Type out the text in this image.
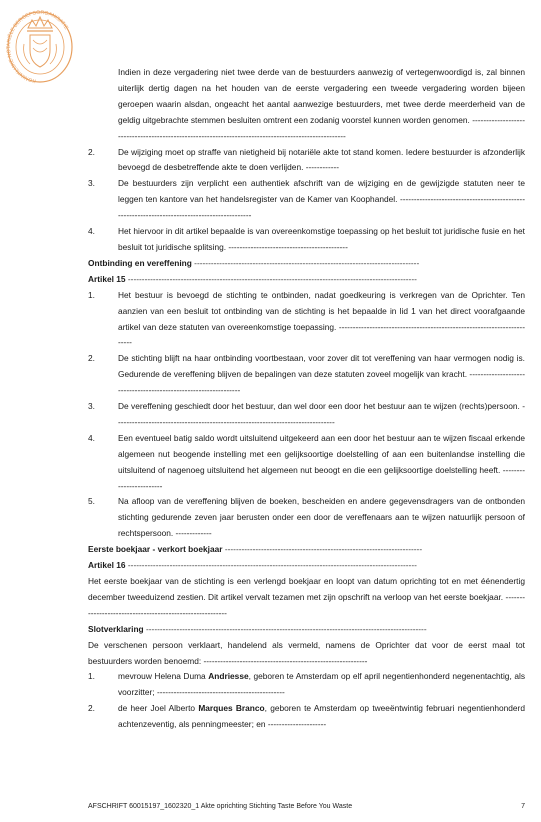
KONINKLIJKE NOTARIËLE BEROEPSORGANISATIE

Indien in deze vergadering niet twee derde van de bestuurders aanwezig of vertegenwoordigd is, zal binnen uiterlijk dertig dagen na het houden van de eerste vergadering een tweede vergadering worden bijeen geroepen waarin alsdan, ongeacht het aantal aanwezige bestuurders, met twee derde meerderheid van de geldig uitgebrachte stemmen besluiten omtrent een zodanig voorstel kunnen worden genomen. -----------------------------------------------------------------------------------------------------

2.	De wijziging moet op straffe van nietigheid bij notariële akte tot stand komen. Iedere bestuurder is afzonderlijk bevoegd de desbetreffende akte te doen verlijden. ------------
3.	De bestuurders zijn verplicht een authentiek afschrift van de wijziging en de gewijzigde statuten neer te leggen ten kantore van het handelsregister van de Kamer van Koophandel. ---------------------------------------------------------------------------------------------
4.	Het hiervoor in dit artikel bepaalde is van overeenkomstige toepassing op het besluit tot juridische fusie en het besluit tot juridische splitsing. -------------------------------------------

Ontbinding en vereffening ---------------------------------------------------------------------------------

Artikel 15 --------------------------------------------------------------------------------------------------------

1.	Het bestuur is bevoegd de stichting te ontbinden, nadat goedkeuring is verkregen van de Oprichter. Ten aanzien van een besluit tot ontbinding van de stichting is het bepaalde in lid 1 van het direct voorafgaande artikel van deze statuten van overeenkomstige toepassing. ------------------------------------------------------------------------
2.	De stichting blijft na haar ontbinding voortbestaan, voor zover dit tot vereffening van haar vermogen nodig is. Gedurende de vereffening blijven de bepalingen van deze statuten zoveel mogelijk van kracht. ----------------------------------------------------------------
3.	De vereffening geschiedt door het bestuur, dan wel door een door het bestuur aan te wijzen (rechts)persoon. -------------------------------------------------------------------------------
4.	Een eventueel batig saldo wordt uitsluitend uitgekeerd aan een door het bestuur aan te wijzen fiscaal erkende algemeen nut beogende instelling met een gelijksoortige doelstelling of aan een buitenlandse instelling die uitsluitend of nagenoeg uitsluitend het algemeen nut beoogt en die een gelijksoortige doelstelling heeft. ------------------------
5.	Na afloop van de vereffening blijven de boeken, bescheiden en andere gegevensdragers van de ontbonden stichting gedurende zeven jaar berusten onder een door de vereffenaars aan te wijzen natuurlijk persoon of rechtspersoon. -------------

Eerste boekjaar - verkort boekjaar -----------------------------------------------------------------------

Artikel 16 --------------------------------------------------------------------------------------------------------

Het eerste boekjaar van de stichting is een verlengd boekjaar en loopt van datum oprichting tot en met éénendertig december tweeduizend zestien. Dit artikel vervalt tezamen met zijn opschrift na verloop van het eerste boekjaar. ---------------------------------------------------------

Slotverklaring -----------------------------------------------------------------------------------------------------

De verschenen persoon verklaart, handelend als vermeld, namens de Oprichter dat voor de eerst maal tot bestuurders worden benoemd: -----------------------------------------------------------

1.	mevrouw Helena Duma Andriesse, geboren te Amsterdam op elf april negentienhonderd negenentachtig, als voorzitter; ----------------------------------------------
2.	de heer Joel Alberto Marques Branco, geboren te Amsterdam op tweeëntwintig februari negentienhonderd achtenzeventig, als penningmeester; en ---------------------
AFSCHRIFT 60015197_1602320_1 Akte oprichting Stichting Taste Before You Waste	7
